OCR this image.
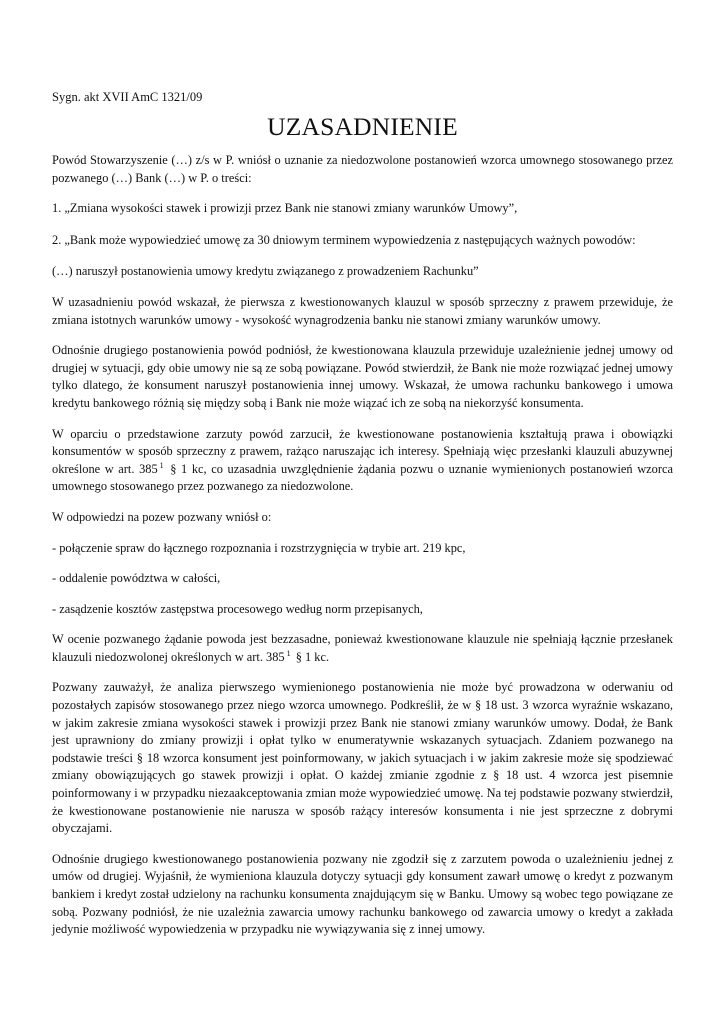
Sygn. akt XVII AmC 1321/09

UZASADNIENIE

Powód Stowarzyszenie (…) z/s w P. wniósł o uznanie za niedozwolone postanowień wzorca umownego stosowanego przez pozwanego (…) Bank (…) w P. o treści:

1. „Zmiana wysokości stawek i prowizji przez Bank nie stanowi zmiany warunków Umowy”,

2. „Bank może wypowiedzieć umowę za 30 dniowym terminem wypowiedzenia z następujących ważnych powodów:

(…) naruszył postanowienia umowy kredytu związanego z prowadzeniem Rachunku”

W uzasadnieniu powód wskazał, że pierwsza z kwestionowanych klauzul w sposób sprzeczny z prawem przewiduje, że zmiana istotnych warunków umowy - wysokość wynagrodzenia banku nie stanowi zmiany warunków umowy.

Odnośnie drugiego postanowienia powód podniósł, że kwestionowana klauzula przewiduje uzależnienie jednej umowy od drugiej w sytuacji, gdy obie umowy nie są ze sobą powiązane. Powód stwierdził, że Bank nie może rozwiązać jednej umowy tylko dlatego, że konsument naruszył postanowienia innej umowy. Wskazał, że umowa rachunku bankowego i umowa kredytu bankowego różnią się między sobą i Bank nie może wiązać ich ze sobą na niekorzyść konsumenta.

W oparciu o przedstawione zarzuty powód zarzucił, że kwestionowane postanowienia kształtują prawa i obowiązki konsumentów w sposób sprzeczny z prawem, rażąco naruszając ich interesy. Spełniają więc przesłanki klauzuli abuzywnej określone w art. 385 $^1$ § 1 kc, co uzasadnia uwzględnienie żądania pozwu o uznanie wymienionych postanowień wzorca umownego stosowanego przez pozwanego za niedozwolone.

W odpowiedzi na pozew pozwany wniósł o:

- połączenie spraw do łącznego rozpoznania i rozstrzygnięcia w trybie art. 219 kpc,

- oddalenie powództwa w całości,

- zasądzenie kosztów zastępstwa procesowego według norm przepisanych,

W ocenie pozwanego żądanie powoda jest bezzasadne, ponieważ kwestionowane klauzule nie spełniają łącznie przesłanek klauzuli niedozwolonej określonych w art. 385 $^1$ § 1 kc.

Pozwany zauważył, że analiza pierwszego wymienionego postanowienia nie może być prowadzona w oderwaniu od pozostałych zapisów stosowanego przez niego wzorca umownego. Podkreślił, że w § 18 ust. 3 wzorca wyraźnie wskazano, w jakim zakresie zmiana wysokości stawek i prowizji przez Bank nie stanowi zmiany warunków umowy. Dodał, że Bank jest uprawniony do zmiany prowizji i opłat tylko w enumeratywnie wskazanych sytuacjach. Zdaniem pozwanego na podstawie treści § 18 wzorca konsument jest poinformowany, w jakich sytuacjach i w jakim zakresie może się spodziewać zmiany obowiązujących go stawek prowizji i opłat. O każdej zmianie zgodnie z § 18 ust. 4 wzorca jest pisemnie poinformowany i w przypadku niezaakceptowania zmian może wypowiedzieć umowę. Na tej podstawie pozwany stwierdził, że kwestionowane postanowienie nie narusza w sposób rażący interesów konsumenta i nie jest sprzeczne z dobrymi obyczajami.

Odnośnie drugiego kwestionowanego postanowienia pozwany nie zgodził się z zarzutem powoda o uzależnieniu jednej z umów od drugiej. Wyjaśnił, że wymieniona klauzula dotyczy sytuacji gdy konsument zawarł umowę o kredyt z pozwanym bankiem i kredyt został udzielony na rachunku konsumenta znajdującym się w Banku. Umowy są wobec tego powiązane ze sobą. Pozwany podniósł, że nie uzależnia zawarcia umowy rachunku bankowego od zawarcia umowy o kredyt a zakłada jedynie możliwość wypowiedzenia w przypadku nie wywiązywania się z innej umowy.
